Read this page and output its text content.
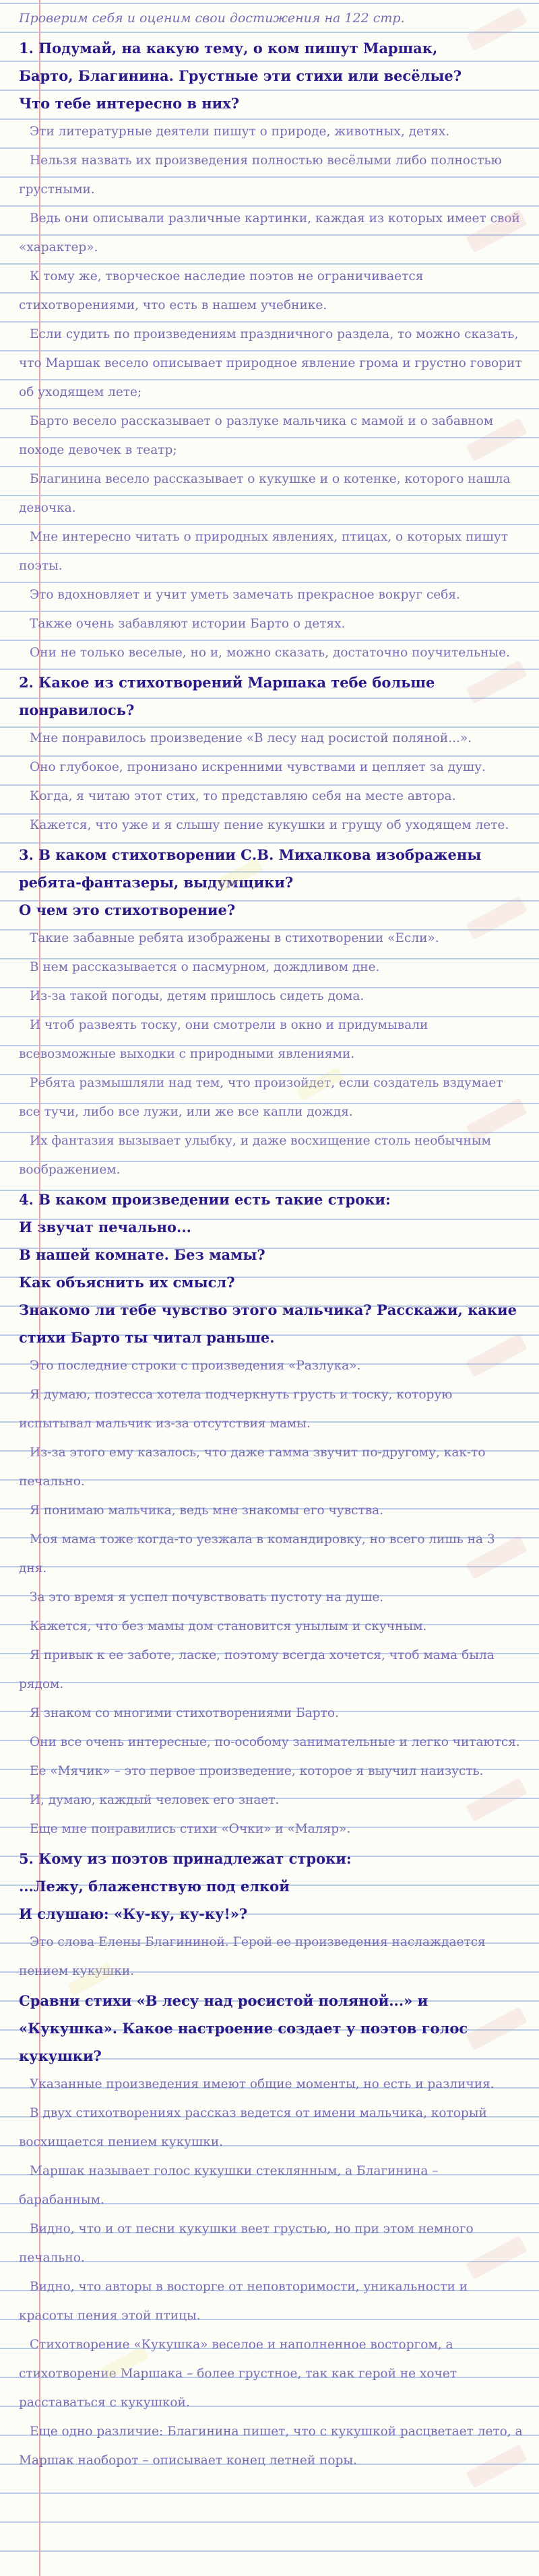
Проверим себя и оценим свои достижения на 122 стр.
1. Подумай, на какую тему, о ком пишут Маршак,
Барто, Благинина. Грустные эти стихи или весёлые?
Что тебе интересно в них?

Эти литературные деятели пишут о природе, животных, детях.

Нельзя назвать их произведения полностью весёлыми либо полностью грустными.

Ведь они описывали различные картинки, каждая из которых имеет свой «характер».

К тому же, творческое наследие поэтов не ограничивается стихотворениями, что есть в нашем учебнике.

Если судить по произведениям праздничного раздела, то можно сказать, что Маршак весело описывает природное явление грома и грустно говорит об уходящем лете;

Барто весело рассказывает о разлуке мальчика с мамой и о забавном походе девочек в театр;

Благинина весело рассказывает о кукушке и о котенке, которого нашла девочка.

Мне интересно читать о природных явлениях, птицах, о которых пишут поэты.

Это вдохновляет и учит уметь замечать прекрасное вокруг себя.

Также очень забавляют истории Барто о детях.

Они не только веселые, но и, можно сказать, достаточно поучительные.

2. Какое из стихотворений Маршака тебе больше понравилось?

Мне понравилось произведение «В лесу над росистой поляной...».

Оно глубокое, пронизано искренними чувствами и цепляет за душу.

Когда, я читаю этот стих, то представляю себя на месте автора.

Кажется, что уже и я слышу пение кукушки и грущу об уходящем лете.

3. В каком стихотворении С.В. Михалкова изображены ребята-фантазеры, выдумщики?
О чем это стихотворение?

Такие забавные ребята изображены в стихотворении «Если».

В нем рассказывается о пасмурном, дождливом дне.

Из-за такой погоды, детям пришлось сидеть дома.

И чтоб развеять тоску, они смотрели в окно и придумывали всевозможные выходки с природными явлениями.

Ребята размышляли над тем, что произойдет, если создатель вздумает все тучи, либо все лужи, или же все капли дождя.

Их фантазия вызывает улыбку, и даже восхищение столь необычным воображением.

4. В каком произведении есть такие строки:
И звучат печально...
В нашей комнате. Без мамы?
Как объяснить их смысл?
Знакомо ли тебе чувство этого мальчика? Расскажи, какие стихи Барто ты читал раньше.

Это последние строки с произведения «Разлука».

Я думаю, поэтесса хотела подчеркнуть грусть и тоску, которую испытывал мальчик из-за отсутствия мамы.

Из-за этого ему казалось, что даже гамма звучит по-другому, как-то печально.

Я понимаю мальчика, ведь мне знакомы его чувства.

Моя мама тоже когда-то уезжала в командировку, но всего лишь на 3 дня.

За это время я успел почувствовать пустоту на душе.

Кажется, что без мамы дом становится унылым и скучным.

Я привык к ее заботе, ласке, поэтому всегда хочется, чтоб мама была рядом.

Я знаком со многими стихотворениями Барто.

Они все очень интересные, по-особому занимательные и легко читаются.

Ее «Мячик» – это первое произведение, которое я выучил наизусть.

И, думаю, каждый человек его знает.

Еще мне понравились стихи «Очки» и «Маляр».

5. Кому из поэтов принадлежат строки:
...Лежу, блаженствую под елкой
И слушаю: «Ку-ку, ку-ку!»?

Это слова Елены Благининой. Герой ее произведения наслаждается пением кукушки.

Сравни стихи «В лесу над росистой поляной...» и «Кукушка». Какое настроение создает у поэтов голос кукушки?

Указанные произведения имеют общие моменты, но есть и различия.

В двух стихотворениях рассказ ведется от имени мальчика, который восхищается пением кукушки.

Маршак называет голос кукушки стеклянным, а Благинина – барабанным.

Видно, что и от песни кукушки веет грустью, но при этом немного печально.

Видно, что авторы в восторге от неповторимости, уникальности и красоты пения этой птицы.

Стихотворение «Кукушка» веселое и наполненное восторгом, а стихотворение Маршака – более грустное, так как герой не хочет расставаться с кукушкой.

Еще одно различие: Благинина пишет, что с кукушкой расцветает лето, а Маршак наоборот – описывает конец летней поры.
